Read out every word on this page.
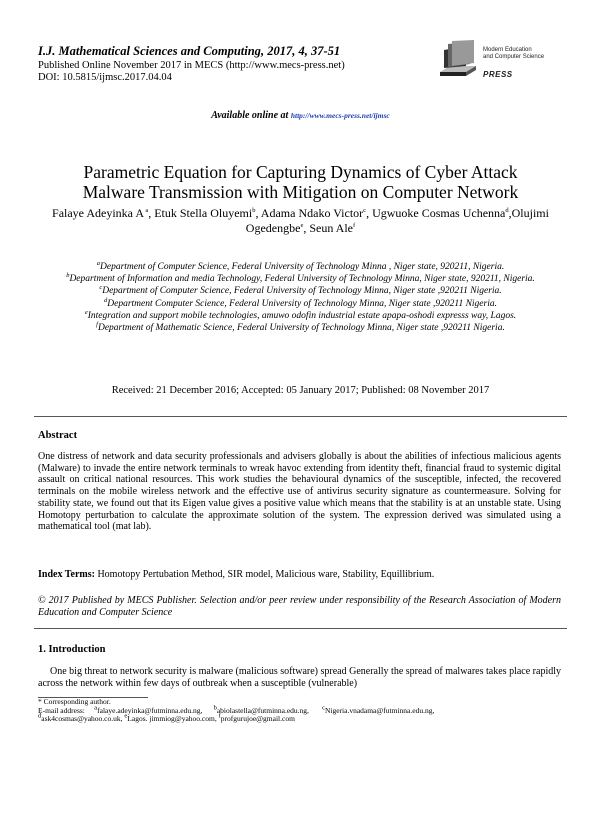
I.J. Mathematical Sciences and Computing, 2017, 4, 37-51
Published Online November 2017 in MECS (http://www.mecs-press.net)
DOI: 10.5815/ijmsc.2017.04.04
Modern Education
and Computer Science
PRESS
Available online at http://www.mecs-press.net/ijmsc
Parametric Equation for Capturing Dynamics of Cyber Attack
Malware Transmission with Mitigation on Computer Network
Falaye Adeyinka A $^a$, Etuk Stella Oluyemi$^b$, Adama Ndako Victor$^c$, Ugwuoke Cosmas Uchenna$^d$,Olujimi Ogedengbe$^e$, Seun Ale$^f$
$^a$Department of Computer Science, Federal University of Technology Minna , Niger state, 920211, Nigeria.
$^b$Department of Information and media Technology, Federal University of Technology Minna, Niger state, 920211, Nigeria.
$^c$Department of Computer Science, Federal University of Technology Minna, Niger state ,920211 Nigeria.
$^d$Department Computer Science, Federal University of Technology Minna, Niger state ,920211 Nigeria.
$^e$Integration and support mobile technologies, amuwo odofin industrial estate apapa-oshodi expresss way, Lagos.
$^f$Department of Mathematic Science, Federal University of Technology Minna, Niger state ,920211 Nigeria.
Received: 21 December 2016; Accepted: 05 January 2017; Published: 08 November 2017
Abstract
One distress of network and data security professionals and advisers globally is about the abilities of infectious malicious agents (Malware) to invade the entire network terminals to wreak havoc extending from identity theft, financial fraud to systemic digital assault on critical national resources. This work studies the behavioural dynamics of the susceptible, infected, the recovered terminals on the mobile wireless network and the effective use of antivirus security signature as countermeasure. Solving for stability state, we found out that its Eigen value gives a positive value which means that the stability is at an unstable state. Using Homotopy perturbation to calculate the approximate solution of the system. The expression derived was simulated using a mathematical tool (mat lab).
Index Terms: Homotopy Pertubation Method, SIR model, Malicious ware, Stability, Equillibrium.
© 2017 Published by MECS Publisher. Selection and/or peer review under responsibility of the Research Association of Modern Education and Computer Science
1. Introduction
One big threat to network security is malware (malicious software) spread Generally the spread of malwares takes place rapidly across the network within few days of outbreak when a susceptible (vulnerable)
* Corresponding author.
E-mail address: $^a$falaye.adeyinka@futminna.edu.ng, $^b$abiolastella@futminna.edu.ng, $^c$Nigeria.vnadama@futminna.edu.ng,
$^d$ask4cosmas@yahoo.co.uk, $^e$Lagos. jimmiog@yahoo.com, $^f$profgurujoe@gmail.com
